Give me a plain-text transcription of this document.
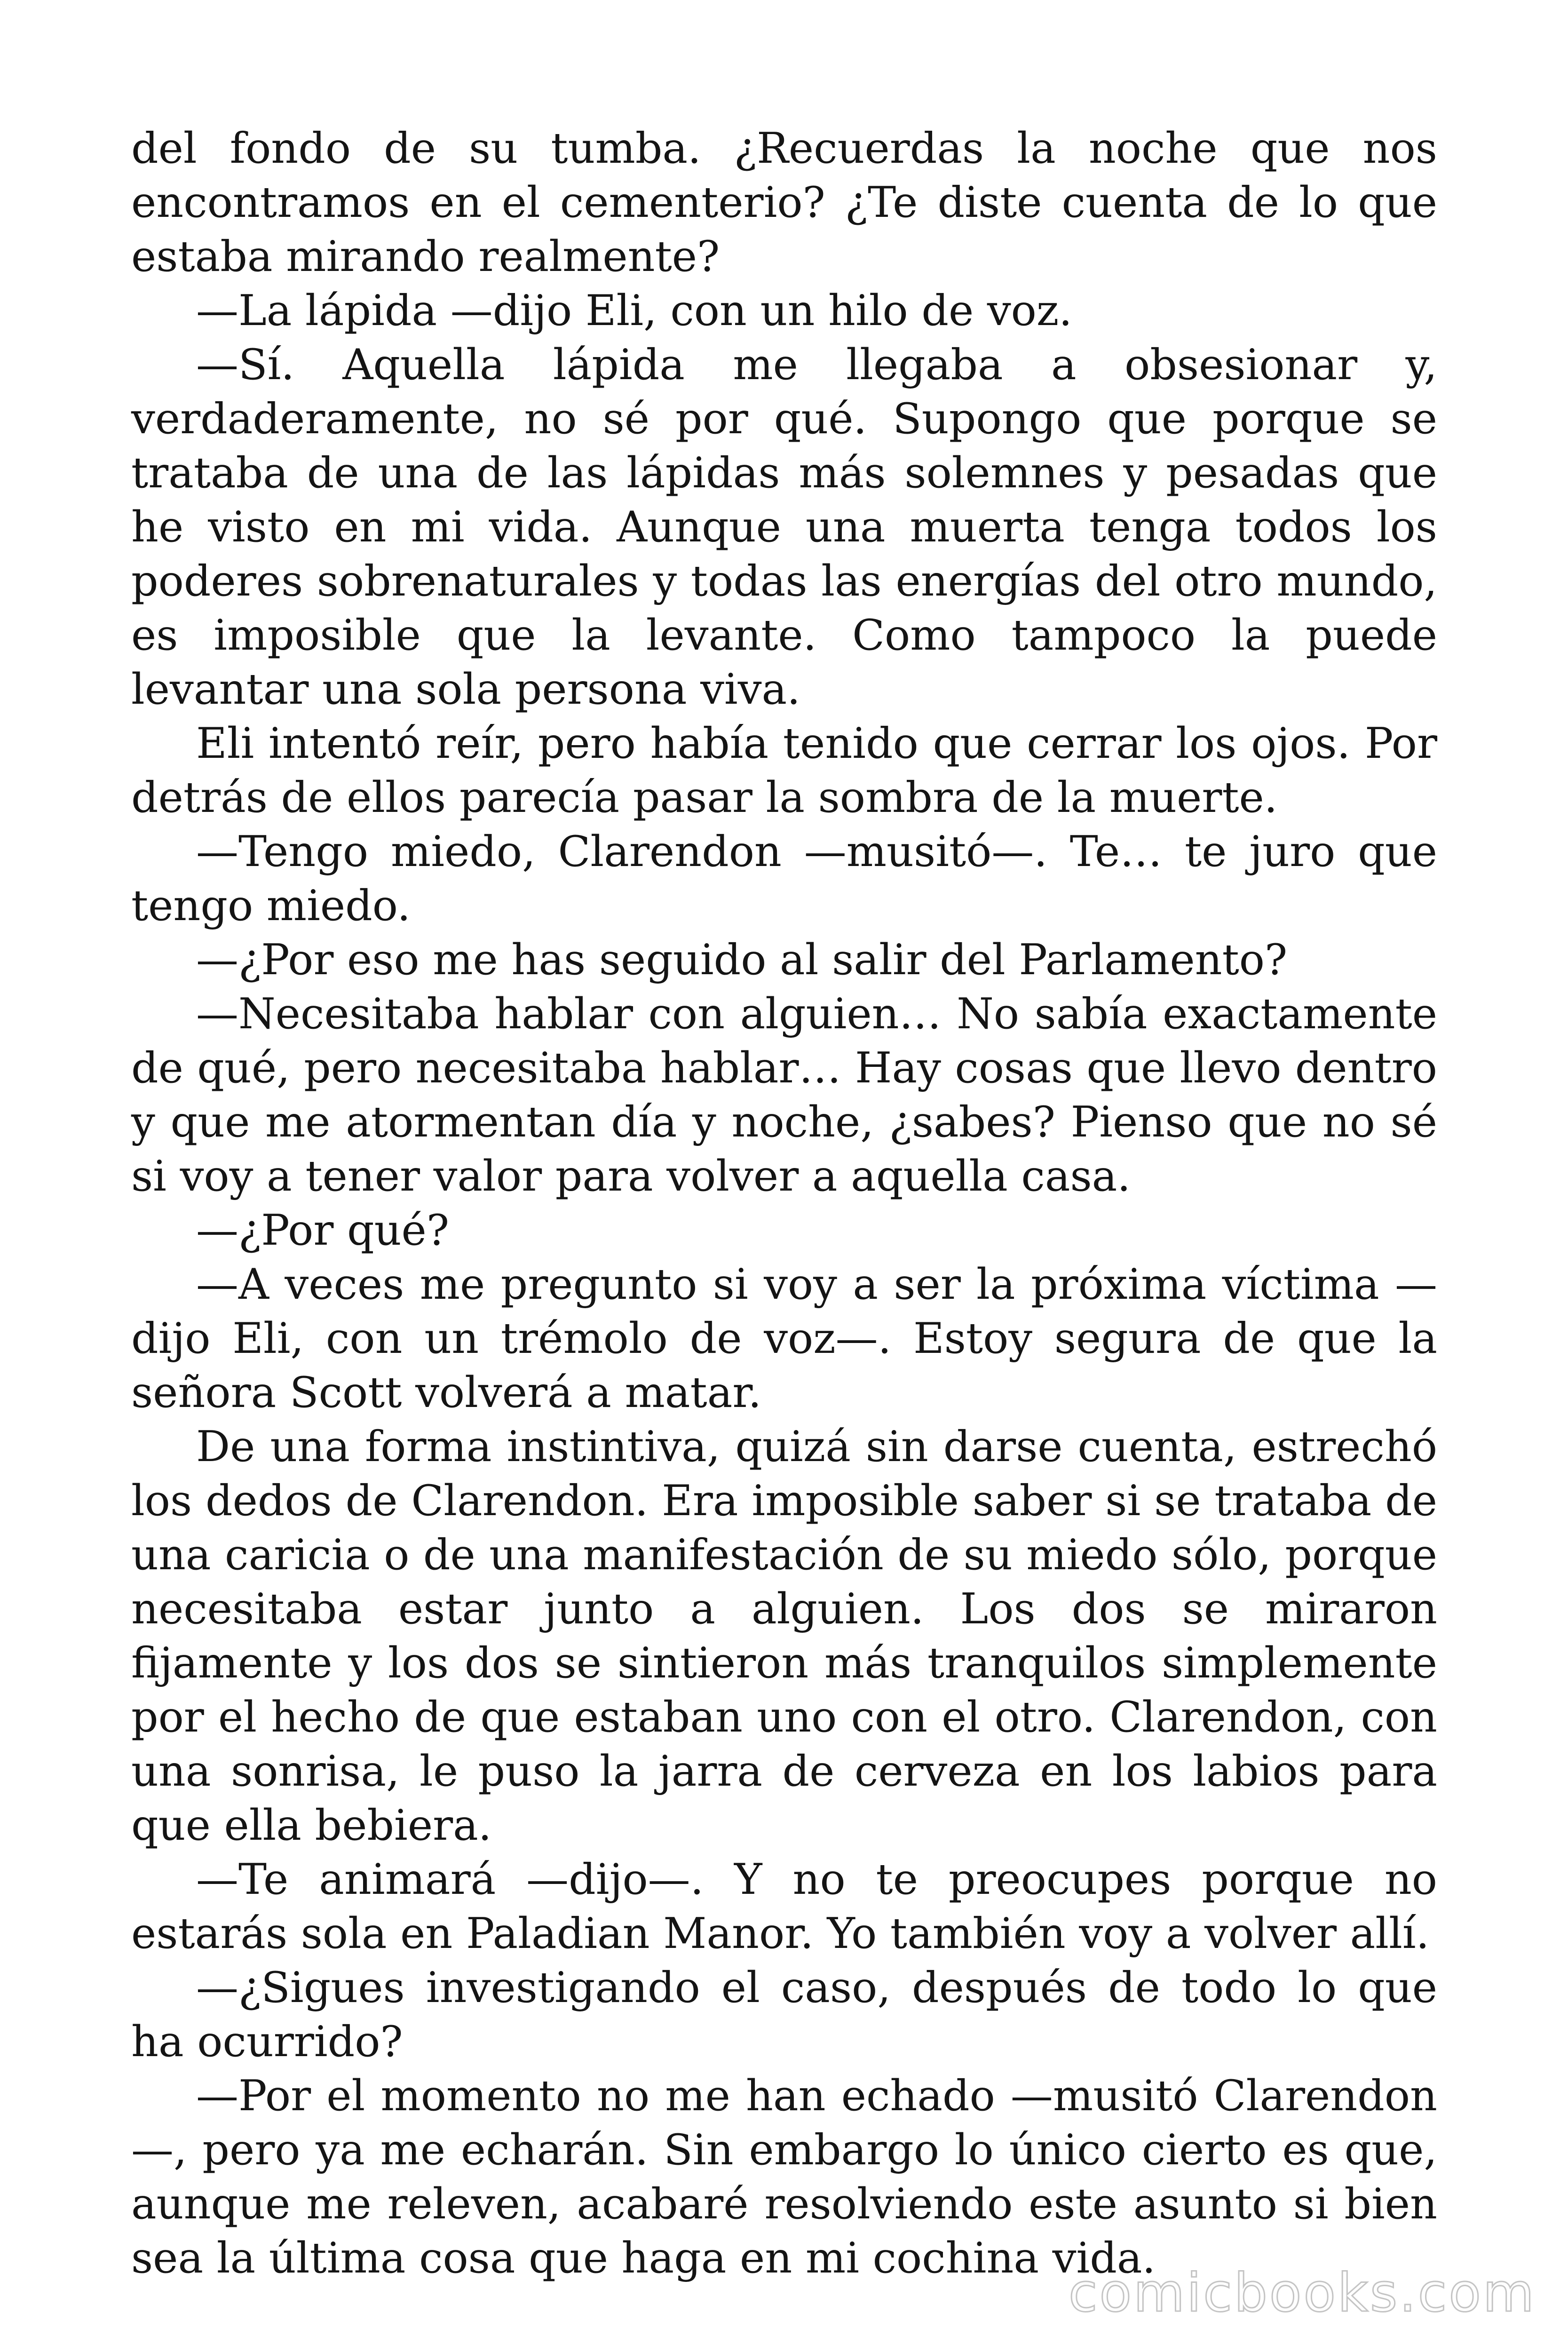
del fondo de su tumba. ¿Recuerdas la noche que nos encontramos en el cementerio? ¿Te diste cuenta de lo que estaba mirando realmente?

—La lápida —dijo Eli, con un hilo de voz.

—Sí. Aquella lápida me llegaba a obsesionar y, verdaderamente, no sé por qué. Supongo que porque se trataba de una de las lápidas más solemnes y pesadas que he visto en mi vida. Aunque una muerta tenga todos los poderes sobrenaturales y todas las energías del otro mundo, es imposible que la levante. Como tampoco la puede levantar una sola persona viva.

Eli intentó reír, pero había tenido que cerrar los ojos. Por detrás de ellos parecía pasar la sombra de la muerte.

—Tengo miedo, Clarendon —musitó—. Te… te juro que tengo miedo.

—¿Por eso me has seguido al salir del Parlamento?

—Necesitaba hablar con alguien… No sabía exactamente de qué, pero necesitaba hablar… Hay cosas que llevo dentro y que me atormentan día y noche, ¿sabes? Pienso que no sé si voy a tener valor para volver a aquella casa.

—¿Por qué?

—A veces me pregunto si voy a ser la próxima víctima —dijo Eli, con un trémolo de voz—. Estoy segura de que la señora Scott volverá a matar.

De una forma instintiva, quizá sin darse cuenta, estrechó los dedos de Clarendon. Era imposible saber si se trataba de una caricia o de una manifestación de su miedo sólo, porque necesitaba estar junto a alguien. Los dos se miraron fijamente y los dos se sintieron más tranquilos simplemente por el hecho de que estaban uno con el otro. Clarendon, con una sonrisa, le puso la jarra de cerveza en los labios para que ella bebiera.

—Te animará —dijo—. Y no te preocupes porque no estarás sola en Paladian Manor. Yo también voy a volver allí.

—¿Sigues investigando el caso, después de todo lo que ha ocurrido?

—Por el momento no me han echado —musitó Clarendon—, pero ya me echarán. Sin embargo lo único cierto es que, aunque me releven, acabaré resolviendo este asunto si bien sea la última cosa que haga en mi cochina vida.

comicbooks.com
